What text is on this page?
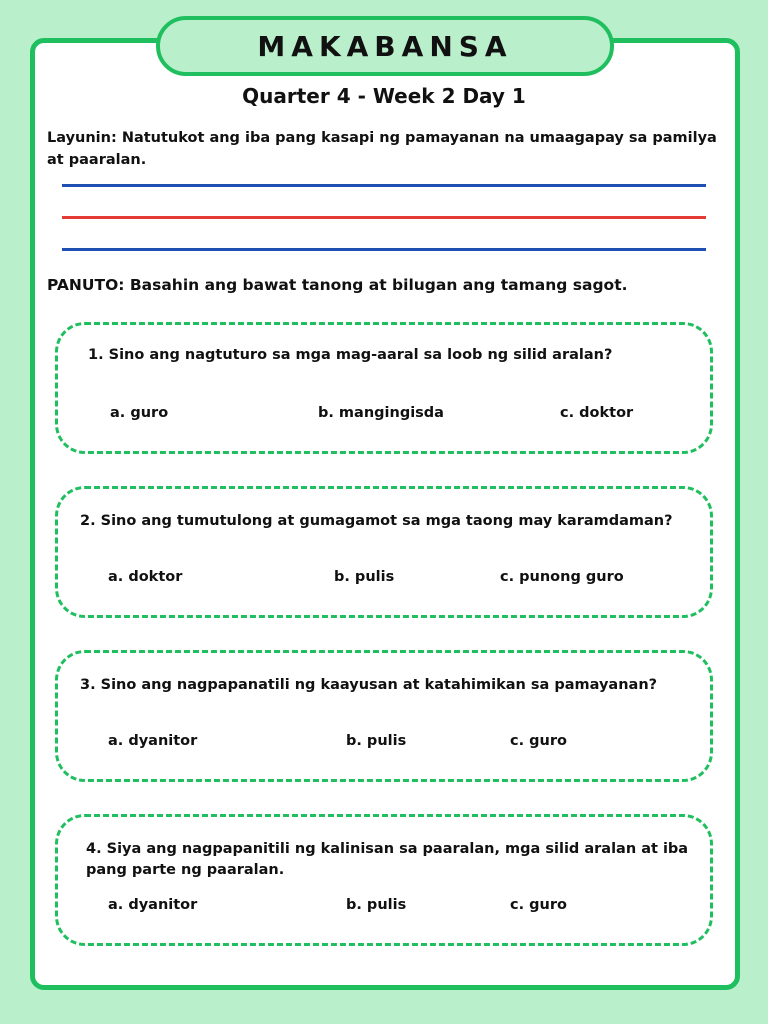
MAKABANSA
Quarter 4 - Week 2 Day 1
Layunin: Natutukot ang iba pang kasapi ng pamayanan na umaagapay sa pamilya at paaralan.
PANUTO: Basahin ang bawat tanong at bilugan ang tamang sagot.
1. Sino ang nagtuturo sa mga mag-aaral sa loob ng silid aralan?
a. guro	b. mangingisda	c. doktor
2. Sino ang tumutulong at gumagamot sa mga taong may karamdaman?
a. doktor	b. pulis	c. punong guro
3. Sino ang nagpapanatili ng kaayusan at katahimikan sa pamayanan?
a. dyanitor	b. pulis	c. guro
4. Siya ang nagpapanitili ng kalinisan sa paaralan, mga silid aralan at iba pang parte ng paaralan.
a. dyanitor	b. pulis	c. guro
